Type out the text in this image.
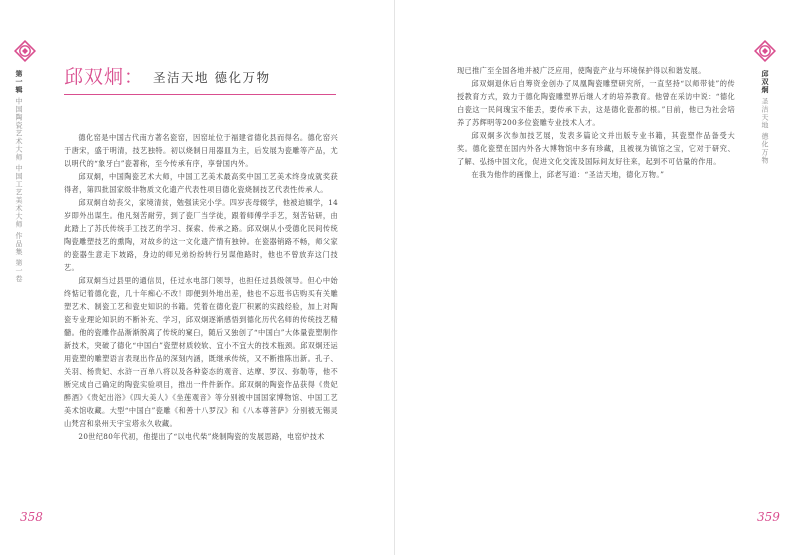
第一辑 中国陶瓷艺术大师 中国工艺美术大师 作品集 第一卷
邱双炯： 圣洁天地 德化万物

德化窑是中国古代南方著名瓷窑，因窑址位于福建省德化县而得名。德化窑兴于唐宋，盛于明清，技艺独特。初以烧制日用器皿为主，后发展为瓷雕等产品，尤以明代的“象牙白”瓷著称，至今传承有序，享誉国内外。

邱双炯，中国陶瓷艺术大师，中国工艺美术最高奖中国工艺美术终身成就奖获得者，第四批国家级非物质文化遗产代表性项目德化瓷烧制技艺代表性传承人。

邱双炯自幼丧父，家境清贫，勉强读完小学。四岁丧母辍学，他被迫辍学，14岁即外出谋生。他凡刻苦耐劳，到了瓷厂当学徒，跟着师傅学手艺，刻苦钻研，由此踏上了苏氏传统手工技艺的学习、探索、传承之路。邱双炯从小受德化民间传统陶瓷雕塑技艺的熏陶，对故乡的这一文化遗产情有独钟。在瓷器销路不畅，师父家的瓷器生意走下坡路，身边的师兄弟纷纷转行另谋他路时，他也不曾放弃这门技艺。

邱双炯当过县里的通信员，任过水电部门领导，也担任过县级领导。但心中始终惦记着德化瓷，几十年痴心不改！即便到外地出差，他也不忘逛书店购买有关雕塑艺术、制瓷工艺和瓷史知识的书籍。凭着在德化瓷厂积累的实践经验，加上对陶瓷专业理论知识的不断补充、学习，邱双炯逐渐感悟到德化历代名师的传统技艺精髓。他的瓷雕作品渐渐脱离了传统的窠臼，随后又独创了“中国白”大体量瓷塑制作新技术，突破了德化“中国白”瓷塑材质较软、宜小不宜大的技术瓶颈。邱双炯还运用瓷塑的雕塑语言表现出作品的深刻内涵，既继承传统，又不断推陈出新。孔子、关羽、杨贵妃、水浒一百单八将以及各种姿态的观音、达摩、罗汉、弥勒等，他不断完成自己确定的陶瓷实验项目，推出一件件新作。邱双炯的陶瓷作品获得《贵妃醉酒》《贵妃出浴》《四大美人》《坐莲观音》等分别被中国国家博物馆、中国工艺美术馆收藏。大型“中国白”瓷雕《和善十八罗汉》和《八本尊菩萨》分别被无锡灵山梵宫和泉州天宇宝塔永久收藏。

20世纪80年代初，他提出了“以电代柴”烧制陶瓷的发展思路，电窑炉技术

358

现已推广至全国各地并被广泛应用，使陶瓷产业与环境保护得以和谐发展。

邱双炯退休后自筹资金创办了凤凰陶瓷雕塑研究所，一直坚持“以师带徒”的传授教育方式，致力于德化陶瓷雕塑界后继人才的培养教育。他曾在采访中说：“德化白瓷这一民间瑰宝不能丢，要传承下去，这是德化瓷都的根。”目前，他已为社会培养了苏辉明等200多位瓷雕专业技术人才。

邱双炯多次参加技艺展，发表多篇论文并出版专业书籍，其瓷塑作品备受大奖。德化瓷塑在国内外各大博物馆中多有珍藏，且被视为镇馆之宝，它对于研究、了解、弘扬中国文化，促进文化交流及国际间友好往来，起到不可估量的作用。

在我为他作的画像上，邱老写道：“圣洁天地，德化万物。”

邱双炯 圣洁天地 德化万物
359
